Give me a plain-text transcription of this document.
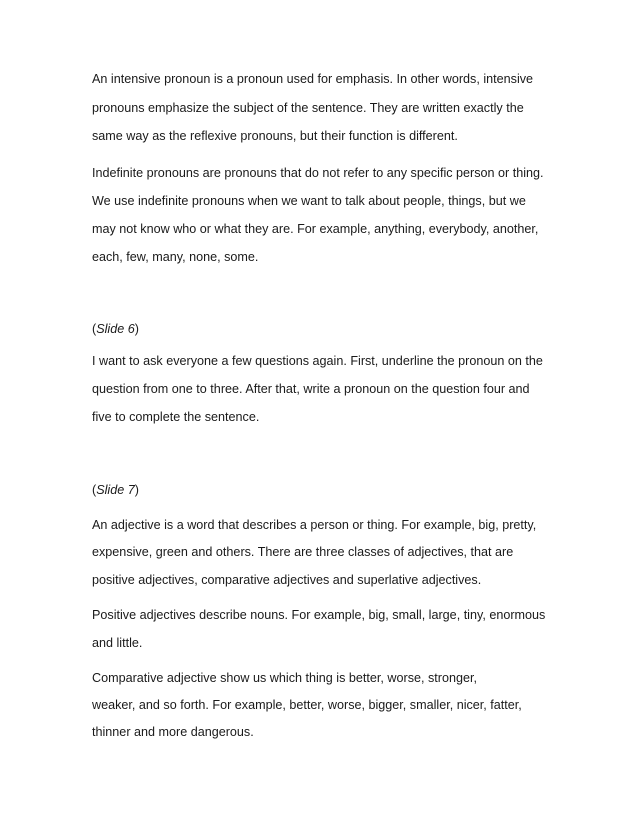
An intensive pronoun is a pronoun used for emphasis. In other words, intensive

pronouns emphasize the subject of the sentence. They are written exactly the

same way as the reflexive pronouns, but their function is different.

Indefinite pronouns are pronouns that do not refer to any specific person or thing.

We use indefinite pronouns when we want to talk about people, things, but we

may not know who or what they are. For example, anything, everybody, another,

each, few, many, none, some.

(Slide 6)

I want to ask everyone a few questions again. First, underline the pronoun on the

question from one to three. After that, write a pronoun on the question four and

five to complete the sentence.

(Slide 7)

An adjective is a word that describes a person or thing. For example, big, pretty,

expensive, green and others. There are three classes of adjectives, that are

positive adjectives, comparative adjectives and superlative adjectives.

Positive adjectives describe nouns. For example, big, small, large, tiny, enormous

and little.

Comparative adjective show us which thing is better, worse, stronger,

weaker, and so forth. For example, better, worse, bigger, smaller, nicer, fatter,

thinner and more dangerous.
